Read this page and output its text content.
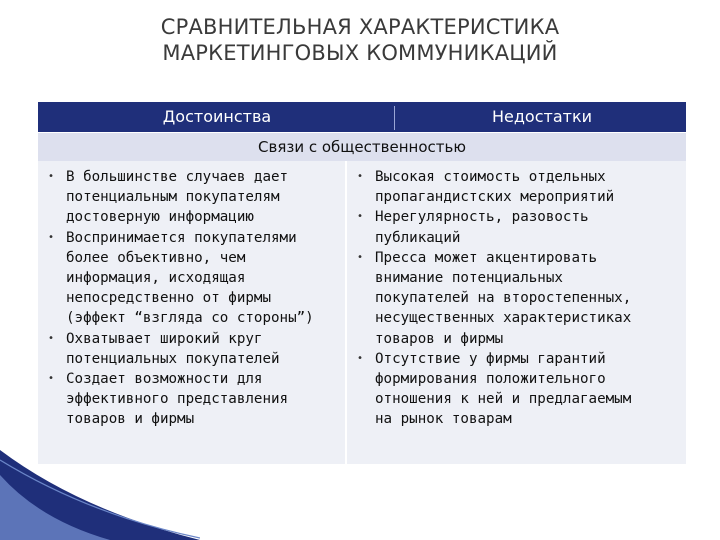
СРАВНИТЕЛЬНАЯ ХАРАКТЕРИСТИКА
МАРКЕТИНГОВЫХ КОММУНИКАЦИЙ
Достоинства	Недостатки
Связи с общественностью
• В большинстве случаев дает
потенциальным покупателям
достоверную информацию
• Воспринимается покупателями
более объективно, чем
информация, исходящая
непосредственно от фирмы
(эффект “взгляда со стороны”)
• Охватывает широкий круг
потенциальных покупателей
• Создает возможности для
эффективного представления
товаров и фирмы
• Высокая стоимость отдельных
пропагандистских мероприятий
• Нерегулярность, разовость
публикаций
• Пресса может акцентировать
внимание потенциальных
покупателей на второстепенных,
несущественных характеристиках
товаров и фирмы
• Отсутствие у фирмы гарантий
формирования положительного
отношения к ней и предлагаемым
на рынок товарам
